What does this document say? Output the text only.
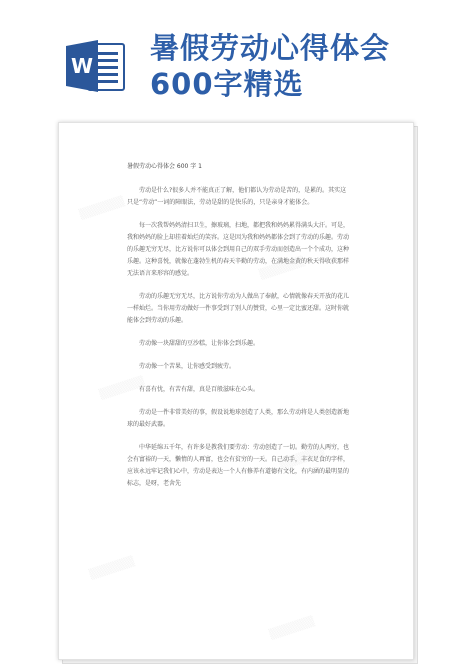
W
暑假劳动心得体会
600字精选
▒▒▒▒▒▒
▒▒▒▒▒▒
▒▒▒▒▒▒
▒▒▒▒▒▒
▒▒▒▒▒▒
▒▒▒▒▒▒

暑假劳动心得体会 600 字 1

劳动是什么?很多人并不能真正了解，他们都认为劳动是苦的，是累的。其实这只是“劳动”一词的障眼法，劳动是甜的是快乐的，只是亲身才能体会。

每一次我帮妈妈清扫卫生，擦玻璃，扫地，都把我和妈妈累得满头大汗。可是，我和妈妈的脸上却挂着灿烂的笑容。这是因为我和妈妈都体会到了劳动的乐趣。劳动的乐趣无穷无尽，比方说你可以体会到用自己的双手劳动而创造出一个个成功，这种乐趣。这种喜悦，就像在蓬勃生机的春天辛勤的劳动，在满地金黄的秋天得收获那样无法语言来形容的感觉。

劳动的乐趣无穷无尽，比方说你劳动为人做出了奉献，心情就像春天开放的花儿一样灿烂。当你用劳动做好一件事受到了别人的赞赏，心里一定比蜜还甜。这时你就能体会到劳动的乐趣。

劳动像一块甜甜的豆沙糕，让你体会到乐趣。

劳动像一个苦果，让你感受到疲劳。

有喜有忧，有苦有甜，真是百般滋味在心头。

劳动是一件非常美好的事，假设说地球创造了人类，那么劳动将是人类创造新地球的最好武器。

中华延绵五千年，有许多是教我们要劳动：劳动创造了一切。勤劳的人两穷，也会有富裕的一天，懒惰的人再富，也会有贫穷的一天。自己动手，丰衣足食的字样，应该永远牢记我们心中，劳动是表达一个人有修养有道德有文化，有内涵的最明显的标志，是呀，老舍先
